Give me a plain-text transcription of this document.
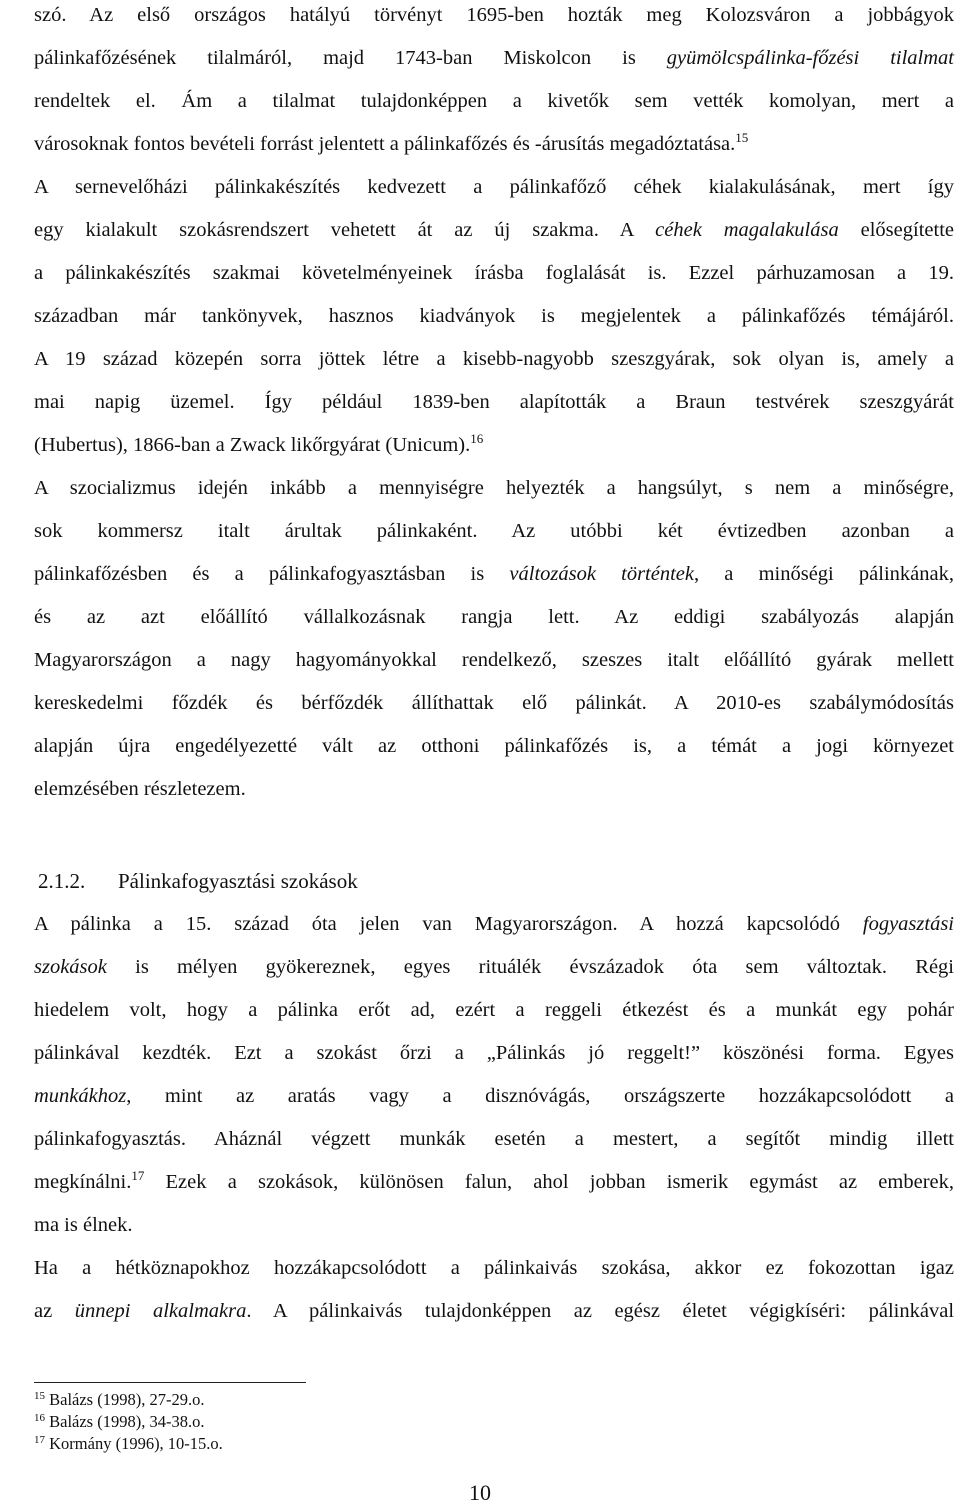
szó. Az első országos hatályú törvényt 1695-ben hozták meg Kolozsváron a jobbágyok

pálinkafőzésének tilalmáról, majd 1743-ban Miskolcon is gyümölcspálinka-főzési tilalmat

rendeltek el. Ám a tilalmat tulajdonképpen a kivetők sem vették komolyan, mert a

városoknak fontos bevételi forrást jelentett a pálinkafőzés és -árusítás megadóztatása.$^{15}$

A sernevelőházi pálinkakészítés kedvezett a pálinkafőző céhek kialakulásának, mert így

egy kialakult szokásrendszert vehetett át az új szakma. A céhek magalakulása elősegítette

a pálinkakészítés szakmai követelményeinek írásba foglalását is. Ezzel párhuzamosan a 19.

században már tankönyvek, hasznos kiadványok is megjelentek a pálinkafőzés témájáról.

A 19 század közepén sorra jöttek létre a kisebb-nagyobb szeszgyárak, sok olyan is, amely a

mai napig üzemel. Így például 1839-ben alapították a Braun testvérek szeszgyárát

(Hubertus), 1866-ban a Zwack likőrgyárat (Unicum).$^{16}$

A szocializmus idején inkább a mennyiségre helyezték a hangsúlyt, s nem a minőségre,

sok kommersz italt árultak pálinkaként. Az utóbbi két évtizedben azonban a

pálinkafőzésben és a pálinkafogyasztásban is változások történtek, a minőségi pálinkának,

és az azt előállító vállalkozásnak rangja lett. Az eddigi szabályozás alapján

Magyarországon a nagy hagyományokkal rendelkező, szeszes italt előállító gyárak mellett

kereskedelmi főzdék és bérfőzdék állíthattak elő pálinkát. A 2010-es szabálymódosítás

alapján újra engedélyezetté vált az otthoni pálinkafőzés is, a témát a jogi környezet

elemzésében részletezem.

2.1.2. Pálinkafogyasztási szokások

A pálinka a 15. század óta jelen van Magyarországon. A hozzá kapcsolódó fogyasztási

szokások is mélyen gyökereznek, egyes rituálék évszázadok óta sem változtak. Régi

hiedelem volt, hogy a pálinka erőt ad, ezért a reggeli étkezést és a munkát egy pohár

pálinkával kezdték. Ezt a szokást őrzi a „Pálinkás jó reggelt!” köszönési forma. Egyes

munkákhoz, mint az aratás vagy a disznóvágás, országszerte hozzákapcsolódott a

pálinkafogyasztás. Aháznál végzett munkák esetén a mestert, a segítőt mindig illett

megkínálni.$^{17}$ Ezek a szokások, különösen falun, ahol jobban ismerik egymást az emberek,

ma is élnek.

Ha a hétköznapokhoz hozzákapcsolódott a pálinkaivás szokása, akkor ez fokozottan igaz

az ünnepi alkalmakra. A pálinkaivás tulajdonképpen az egész életet végigkíséri: pálinkával

$^{15}$ Balázs (1998), 27-29.o.
$^{16}$ Balázs (1998), 34-38.o.
$^{17}$ Kormány (1996), 10-15.o.
10
